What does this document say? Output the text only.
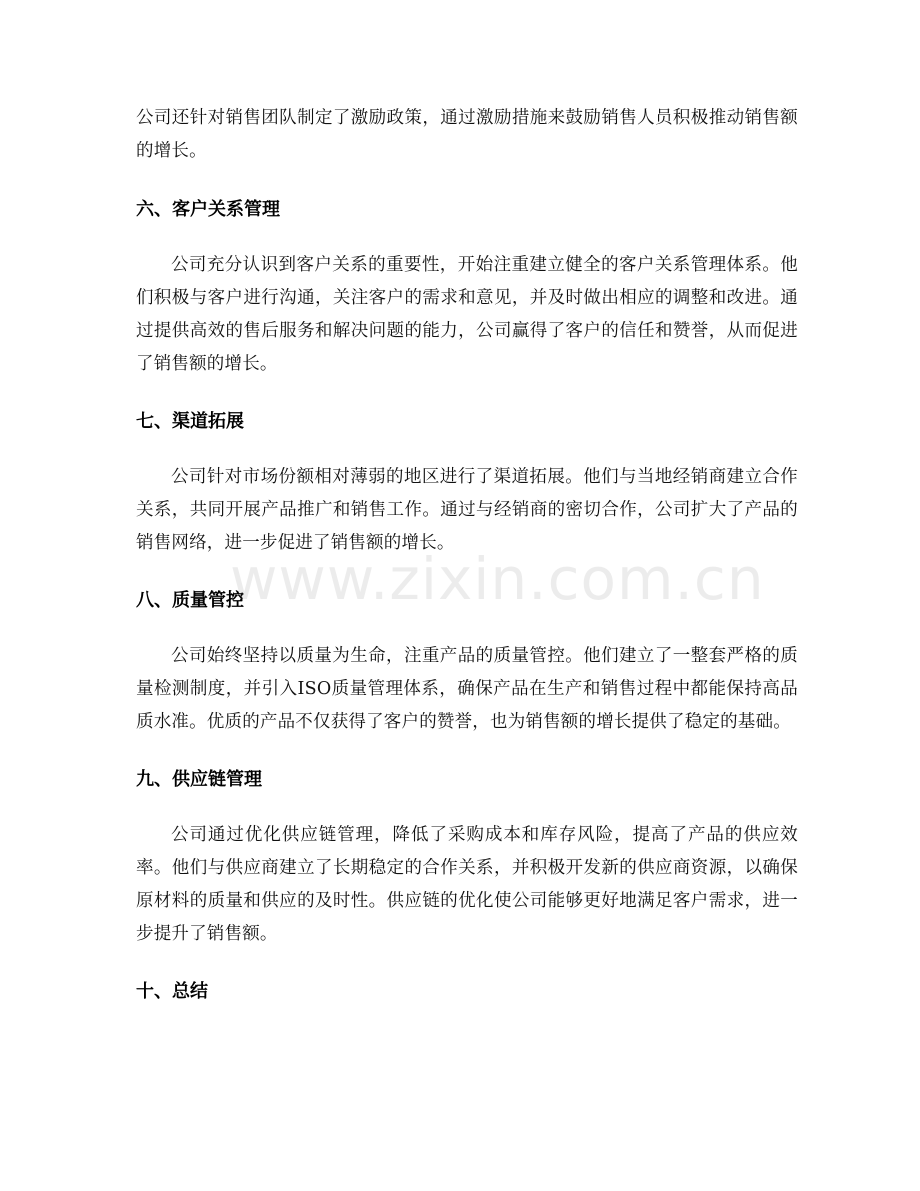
公司还针对销售团队制定了激励政策，通过激励措施来鼓励销售人员积极推动销售额的增长。

六、客户关系管理

公司充分认识到客户关系的重要性，开始注重建立健全的客户关系管理体系。他们积极与客户进行沟通，关注客户的需求和意见，并及时做出相应的调整和改进。通过提供高效的售后服务和解决问题的能力，公司赢得了客户的信任和赞誉，从而促进了销售额的增长。

七、渠道拓展

公司针对市场份额相对薄弱的地区进行了渠道拓展。他们与当地经销商建立合作关系，共同开展产品推广和销售工作。通过与经销商的密切合作，公司扩大了产品的销售网络，进一步促进了销售额的增长。

八、质量管控

公司始终坚持以质量为生命，注重产品的质量管控。他们建立了一整套严格的质量检测制度，并引入ISO质量管理体系，确保产品在生产和销售过程中都能保持高品质水准。优质的产品不仅获得了客户的赞誉，也为销售额的增长提供了稳定的基础。

九、供应链管理

公司通过优化供应链管理，降低了采购成本和库存风险，提高了产品的供应效率。他们与供应商建立了长期稳定的合作关系，并积极开发新的供应商资源，以确保原材料的质量和供应的及时性。供应链的优化使公司能够更好地满足客户需求，进一步提升了销售额。

十、总结
www.zixin.com.cn
